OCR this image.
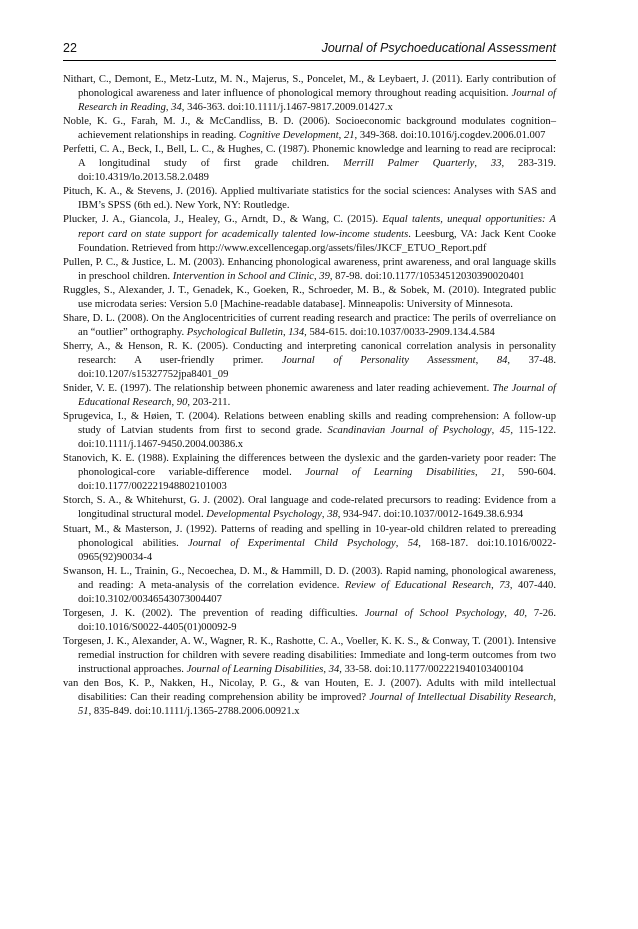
22	Journal of Psychoeducational Assessment
Nithart, C., Demont, E., Metz-Lutz, M. N., Majerus, S., Poncelet, M., & Leybaert, J. (2011). Early contribution of phonological awareness and later influence of phonological memory throughout reading acquisition. Journal of Research in Reading, 34, 346-363. doi:10.1111/j.1467-9817.2009.01427.x
Noble, K. G., Farah, M. J., & McCandliss, B. D. (2006). Socioeconomic background modulates cognition–achievement relationships in reading. Cognitive Development, 21, 349-368. doi:10.1016/j.cogdev.2006.01.007
Perfetti, C. A., Beck, I., Bell, L. C., & Hughes, C. (1987). Phonemic knowledge and learning to read are reciprocal: A longitudinal study of first grade children. Merrill Palmer Quarterly, 33, 283-319. doi:10.4319/lo.2013.58.2.0489
Pituch, K. A., & Stevens, J. (2016). Applied multivariate statistics for the social sciences: Analyses with SAS and IBM’s SPSS (6th ed.). New York, NY: Routledge.
Plucker, J. A., Giancola, J., Healey, G., Arndt, D., & Wang, C. (2015). Equal talents, unequal opportunities: A report card on state support for academically talented low-income students. Leesburg, VA: Jack Kent Cooke Foundation. Retrieved from http://www.excellencegap.org/assets/files/JKCF_ETUO_Report.pdf
Pullen, P. C., & Justice, L. M. (2003). Enhancing phonological awareness, print awareness, and oral language skills in preschool children. Intervention in School and Clinic, 39, 87-98. doi:10.1177/10534512030390020401
Ruggles, S., Alexander, J. T., Genadek, K., Goeken, R., Schroeder, M. B., & Sobek, M. (2010). Integrated public use microdata series: Version 5.0 [Machine-readable database]. Minneapolis: University of Minnesota.
Share, D. L. (2008). On the Anglocentricities of current reading research and practice: The perils of overreliance on an “outlier” orthography. Psychological Bulletin, 134, 584-615. doi:10.1037/0033-2909.134.4.584
Sherry, A., & Henson, R. K. (2005). Conducting and interpreting canonical correlation analysis in personality research: A user-friendly primer. Journal of Personality Assessment, 84, 37-48. doi:10.1207/s15327752jpa8401_09
Snider, V. E. (1997). The relationship between phonemic awareness and later reading achievement. The Journal of Educational Research, 90, 203-211.
Sprugevica, I., & Høien, T. (2004). Relations between enabling skills and reading comprehension: A follow-up study of Latvian students from first to second grade. Scandinavian Journal of Psychology, 45, 115-122. doi:10.1111/j.1467-9450.2004.00386.x
Stanovich, K. E. (1988). Explaining the differences between the dyslexic and the garden-variety poor reader: The phonological-core variable-difference model. Journal of Learning Disabilities, 21, 590-604. doi:10.1177/002221948802101003
Storch, S. A., & Whitehurst, G. J. (2002). Oral language and code-related precursors to reading: Evidence from a longitudinal structural model. Developmental Psychology, 38, 934-947. doi:10.1037/0012-1649.38.6.934
Stuart, M., & Masterson, J. (1992). Patterns of reading and spelling in 10-year-old children related to prereading phonological abilities. Journal of Experimental Child Psychology, 54, 168-187. doi:10.1016/0022-0965(92)90034-4
Swanson, H. L., Trainin, G., Necoechea, D. M., & Hammill, D. D. (2003). Rapid naming, phonological awareness, and reading: A meta-analysis of the correlation evidence. Review of Educational Research, 73, 407-440. doi:10.3102/00346543073004407
Torgesen, J. K. (2002). The prevention of reading difficulties. Journal of School Psychology, 40, 7-26. doi:10.1016/S0022-4405(01)00092-9
Torgesen, J. K., Alexander, A. W., Wagner, R. K., Rashotte, C. A., Voeller, K. K. S., & Conway, T. (2001). Intensive remedial instruction for children with severe reading disabilities: Immediate and long-term outcomes from two instructional approaches. Journal of Learning Disabilities, 34, 33-58. doi:10.1177/002221940103400104
van den Bos, K. P., Nakken, H., Nicolay, P. G., & van Houten, E. J. (2007). Adults with mild intellectual disabilities: Can their reading comprehension ability be improved? Journal of Intellectual Disability Research, 51, 835-849. doi:10.1111/j.1365-2788.2006.00921.x
